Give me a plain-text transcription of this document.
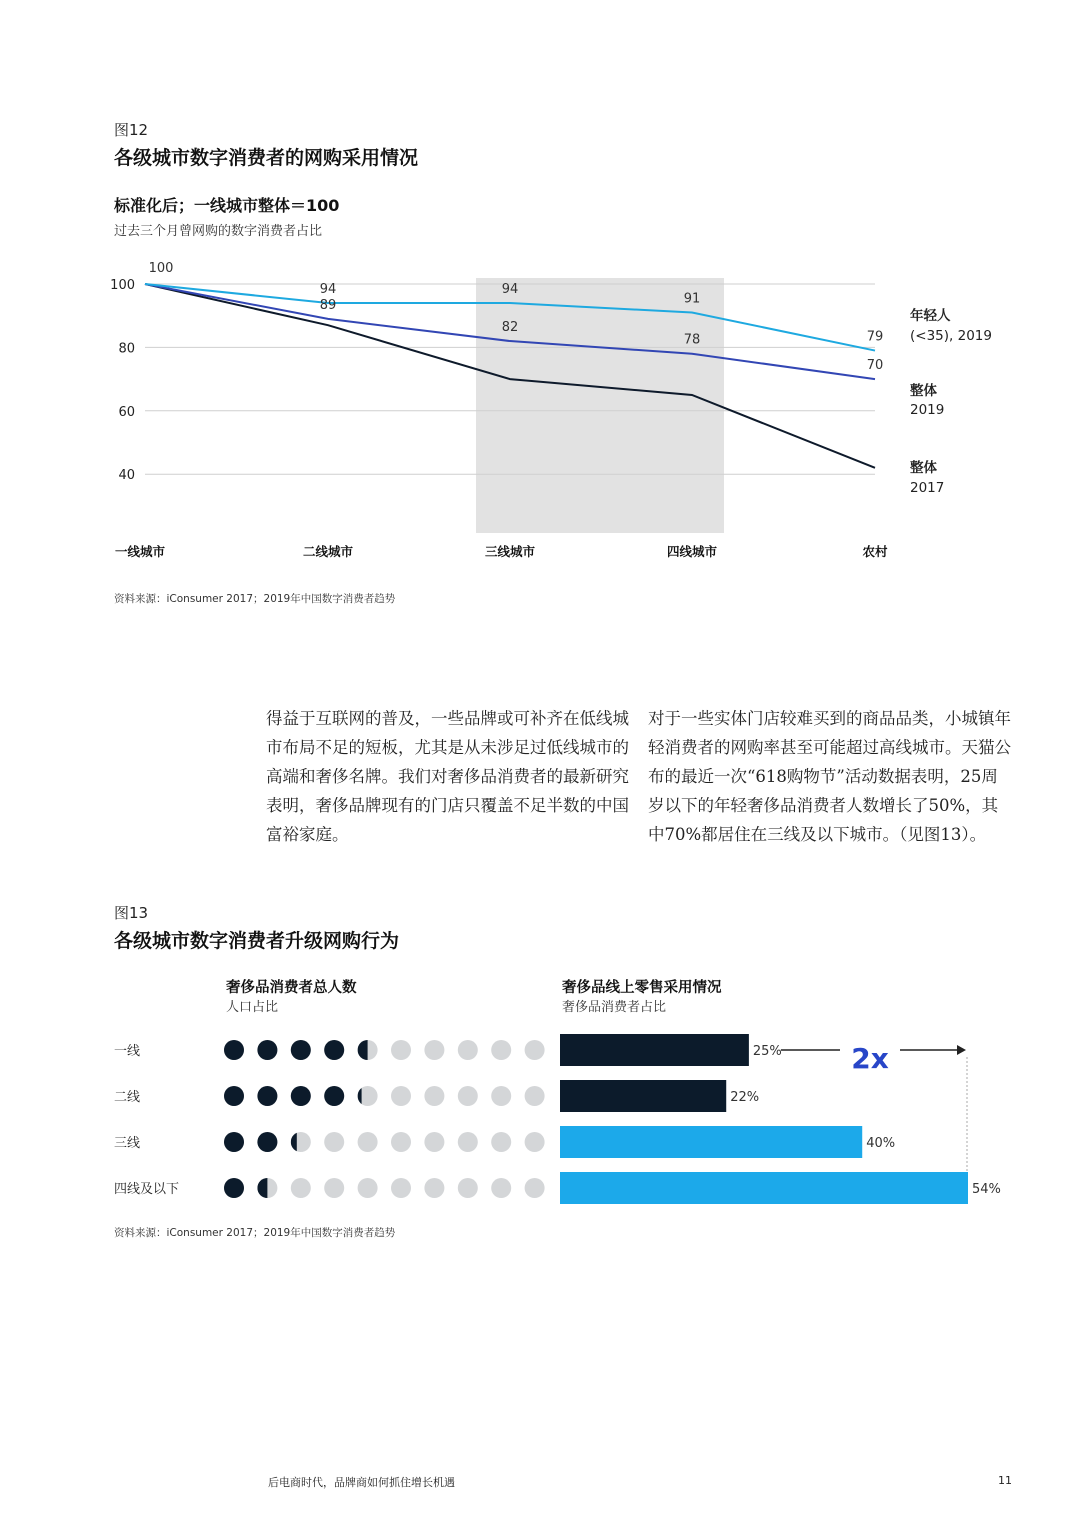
图12
各级城市数字消费者的网购采用情况
标准化后；一线城市整体＝100
过去三个月曾网购的数字消费者占比
100
80
60
40
94	94
91
79
100
89
82
78
70
年轻人
(<35), 2019
整体
2019
整体
2017
一线城市	二线城市	三线城市	四线城市	农村
资料来源：iConsumer 2017；2019年中国数字消费者趋势
得益于互联网的普及，一些品牌或可补齐在低线城市布局不足的短板，尤其是从未涉足过低线城市的高端和奢侈名牌。我们对奢侈品消费者的最新研究表明，奢侈品牌现有的门店只覆盖不足半数的中国富裕家庭。
对于一些实体门店较难买到的商品品类，小城镇年轻消费者的网购率甚至可能超过高线城市。天猫公布的最近一次“618购物节”活动数据表明，25周岁以下的年轻奢侈品消费者人数增长了50%，其中70%都居住在三线及以下城市。（见图13）。
图13
各级城市数字消费者升级网购行为
奢侈品消费者总人数
人口占比
奢侈品线上零售采用情况
奢侈品消费者占比
一线	25%
二线	22%
三线	40%
四线及以下	54%
2x
资料来源：iConsumer 2017；2019年中国数字消费者趋势
后电商时代，品牌商如何抓住增长机遇	11
